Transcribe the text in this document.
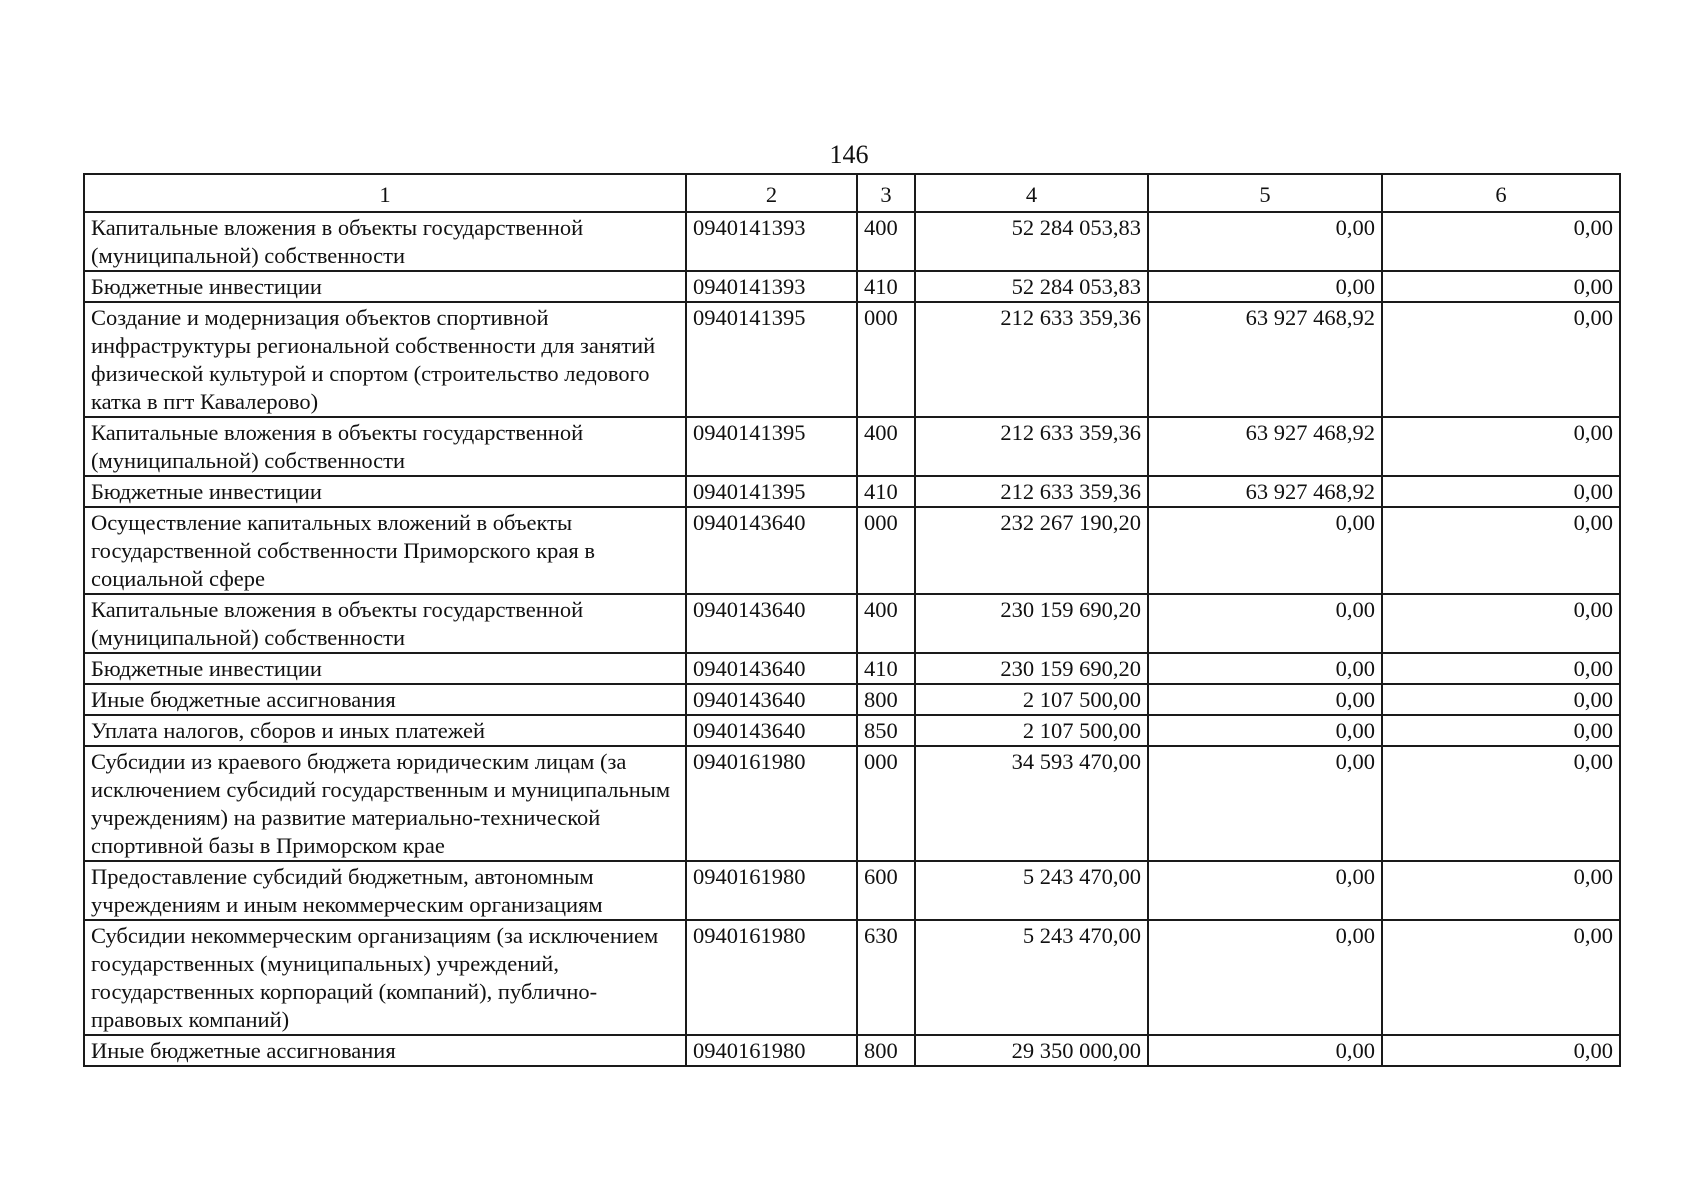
146
1	2	3	4	5	6
Капитальные вложения в объекты государственной (муниципальной) собственности	0940141393	400	52 284 053,83	0,00	0,00
Бюджетные инвестиции	0940141393	410	52 284 053,83	0,00	0,00
Создание и модернизация объектов спортивной инфраструктуры региональной собственности для занятий физической культурой и спортом (строительство ледового катка в пгт Кавалерово)	0940141395	000	212 633 359,36	63 927 468,92	0,00
Капитальные вложения в объекты государственной (муниципальной) собственности	0940141395	400	212 633 359,36	63 927 468,92	0,00
Бюджетные инвестиции	0940141395	410	212 633 359,36	63 927 468,92	0,00
Осуществление капитальных вложений в объекты государственной собственности Приморского края в социальной сфере	0940143640	000	232 267 190,20	0,00	0,00
Капитальные вложения в объекты государственной (муниципальной) собственности	0940143640	400	230 159 690,20	0,00	0,00
Бюджетные инвестиции	0940143640	410	230 159 690,20	0,00	0,00
Иные бюджетные ассигнования	0940143640	800	2 107 500,00	0,00	0,00
Уплата налогов, сборов и иных платежей	0940143640	850	2 107 500,00	0,00	0,00
Субсидии из краевого бюджета юридическим лицам (за исключением субсидий государственным и муниципальным учреждениям) на развитие материально-технической спортивной базы в Приморском крае	0940161980	000	34 593 470,00	0,00	0,00
Предоставление субсидий бюджетным, автономным учреждениям и иным некоммерческим организациям	0940161980	600	5 243 470,00	0,00	0,00
Субсидии некоммерческим организациям (за исключением государственных (муниципальных) учреждений, государственных корпораций (компаний), публично-правовых компаний)	0940161980	630	5 243 470,00	0,00	0,00
Иные бюджетные ассигнования	0940161980	800	29 350 000,00	0,00	0,00
